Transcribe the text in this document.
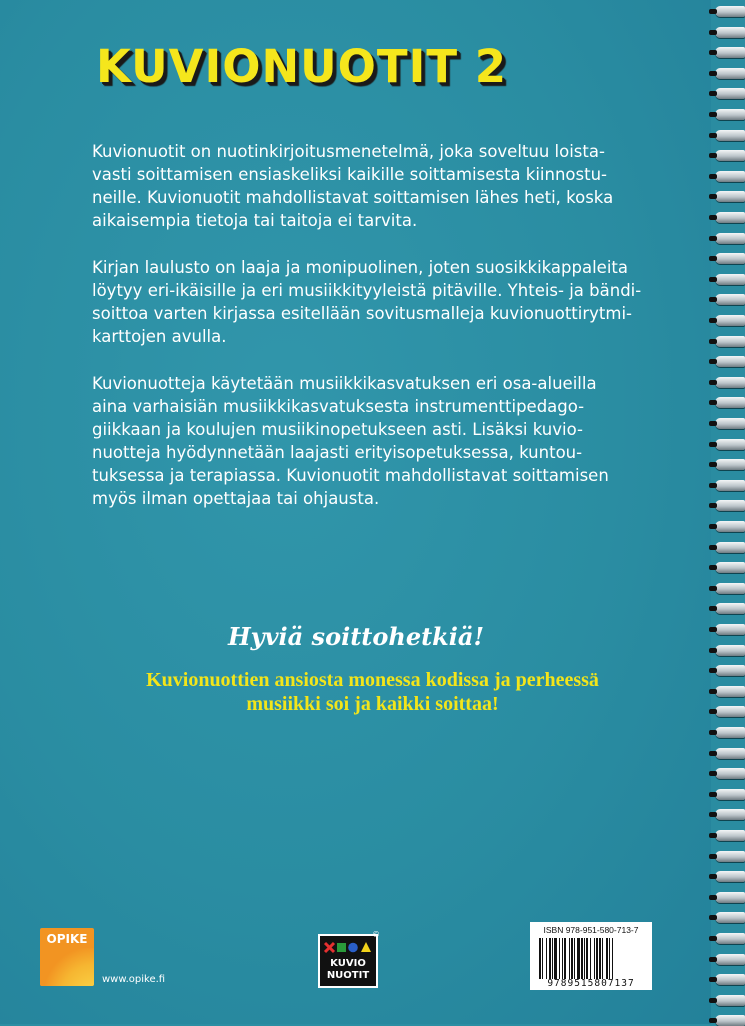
KUVIONUOTIT 2

Kuvionuotit on nuotinkirjoitusmenetelmä, joka soveltuu loista-
vasti soittamisen ensiaskeliksi kaikille soittamisesta kiinnostu-
neille. Kuvionuotit mahdollistavat soittamisen lähes heti, koska
aikaisempia tietoja tai taitoja ei tarvita.

Kirjan laulusto on laaja ja monipuolinen, joten suosikkikappaleita
löytyy eri-ikäisille ja eri musiikkityyleistä pitäville. Yhteis- ja bändi-
soittoa varten kirjassa esitellään sovitusmalleja kuvionuottirytmi-
karttojen avulla.

Kuvionuotteja käytetään musiikkikasvatuksen eri osa-alueilla
aina varhaisiän musiikkikasvatuksesta instrumenttipedago-
giikkaan ja koulujen musiikinopetukseen asti. Lisäksi kuvio-
nuotteja hyödynnetään laajasti erityisopetuksessa, kuntou-
tuksessa ja terapiassa. Kuvionuotit mahdollistavat soittamisen
myös ilman opettajaa tai ohjausta.

Hyviä soittohetkiä!

Kuvionuottien ansiosta monessa kodissa ja perheessä
musiikki soi ja kaikki soittaa!

OPIKE
www.opike.fi
KUVIO
NUOTIT
©	ISBN 978-951-580-713-7
9789515807137
